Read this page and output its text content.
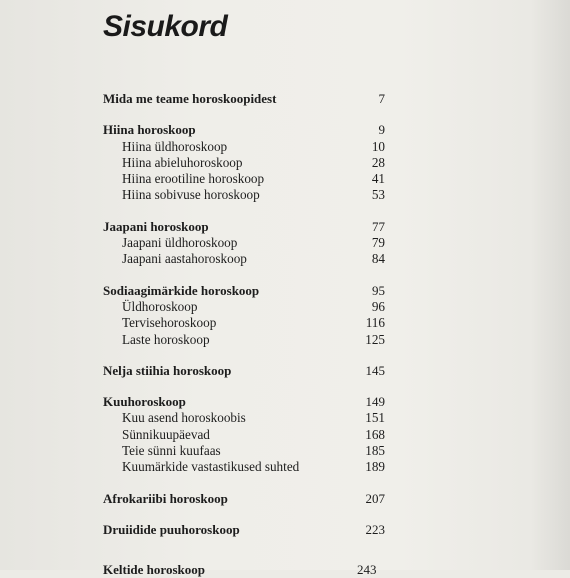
Sisukord
Mida me teame horoskoopidest	7
Hiina horoskoop	9
Hiina üldhoroskoop	10
Hiina abieluhoroskoop	28
Hiina erootiline horoskoop	41
Hiina sobivuse horoskoop	53
Jaapani horoskoop	77
Jaapani üldhoroskoop	79
Jaapani aastahoroskoop	84
Sodiaagimärkide horoskoop	95
Üldhoroskoop	96
Tervisehoroskoop	116
Laste horoskoop	125
Nelja stiihia horoskoop	145
Kuuhoroskoop	149
Kuu asend horoskoobis	151
Sünnikuupäevad	168
Teie sünni kuufaas	185
Kuumärkide vastastikused suhted	189
Afrokariibi horoskoop	207
Druiidide puuhoroskoop	223
Keltide horoskoop	243
